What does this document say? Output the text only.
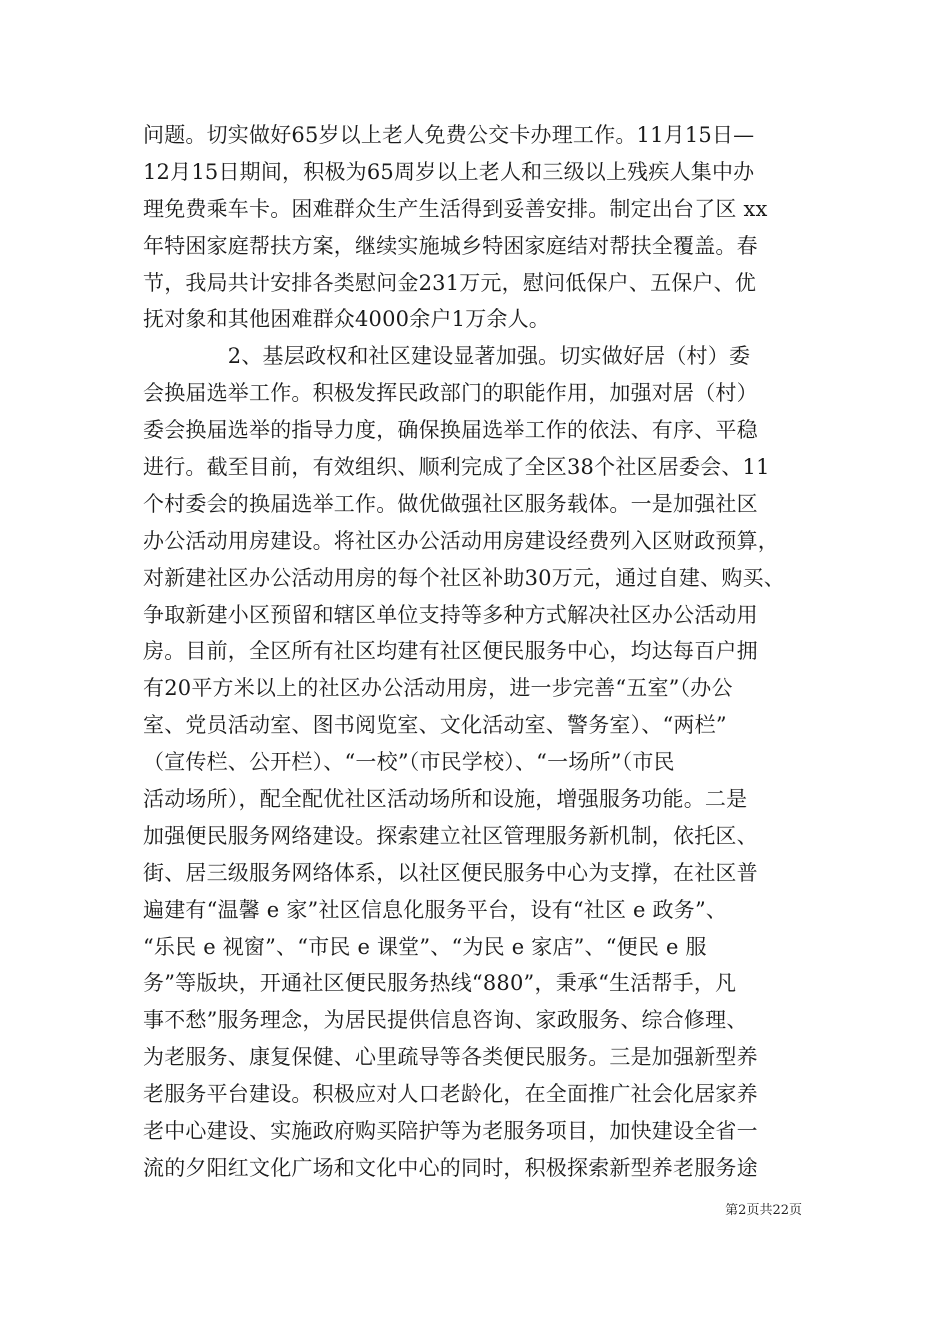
问题。切实做好65岁以上老人免费公交卡办理工作。11月15日—
12月15日期间，积极为65周岁以上老人和三级以上残疾人集中办
理免费乘车卡。困难群众生产生活得到妥善安排。制定出台了区 xx
年特困家庭帮扶方案，继续实施城乡特困家庭结对帮扶全覆盖。春
节，我局共计安排各类慰问金231万元，慰问低保户、五保户、优
抚对象和其他困难群众4000余户1万余人。
　　　　2、基层政权和社区建设显著加强。切实做好居（村）委
会换届选举工作。积极发挥民政部门的职能作用，加强对居（村）
委会换届选举的指导力度，确保换届选举工作的依法、有序、平稳
进行。截至目前，有效组织、顺利完成了全区38个社区居委会、11
个村委会的换届选举工作。做优做强社区服务载体。一是加强社区
办公活动用房建设。将社区办公活动用房建设经费列入区财政预算，
对新建社区办公活动用房的每个社区补助30万元，通过自建、购买、
争取新建小区预留和辖区单位支持等多种方式解决社区办公活动用
房。目前，全区所有社区均建有社区便民服务中心，均达每百户拥
有20平方米以上的社区办公活动用房，进一步完善“五室”（办公
室、党员活动室、图书阅览室、文化活动室、警务室）、“两栏”
（宣传栏、公开栏）、“一校”（市民学校）、“一场所”（市民
活动场所），配全配优社区活动场所和设施，增强服务功能。二是
加强便民服务网络建设。探索建立社区管理服务新机制，依托区、
街、居三级服务网络体系，以社区便民服务中心为支撑，在社区普
遍建有“温馨 e 家”社区信息化服务平台，设有“社区 e 政务”、
“乐民 e 视窗”、“市民 e 课堂”、“为民 e 家店”、“便民 e 服
务”等版块，开通社区便民服务热线“880”，秉承“生活帮手，凡
事不愁”服务理念，为居民提供信息咨询、家政服务、综合修理、
为老服务、康复保健、心里疏导等各类便民服务。三是加强新型养
老服务平台建设。积极应对人口老龄化，在全面推广社会化居家养
老中心建设、实施政府购买陪护等为老服务项目，加快建设全省一
流的夕阳红文化广场和文化中心的同时，积极探索新型养老服务途
第2页共22页
